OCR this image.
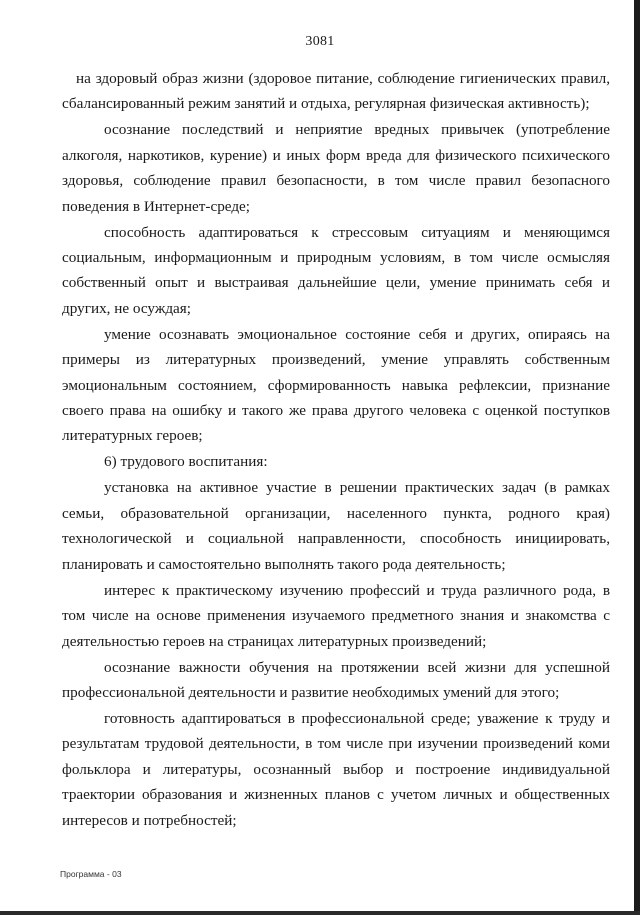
3081

на здоровый образ жизни (здоровое питание, соблюдение гигиенических правил, сбалансированный режим занятий и отдыха, регулярная физическая активность);

осознание последствий и неприятие вредных привычек (употребление алкоголя, наркотиков, курение) и иных форм вреда для физического психического здоровья, соблюдение правил безопасности, в том числе правил безопасного поведения в Интернет-среде;

способность адаптироваться к стрессовым ситуациям и меняющимся социальным, информационным и природным условиям, в том числе осмысляя собственный опыт и выстраивая дальнейшие цели, умение принимать себя и других, не осуждая;

умение осознавать эмоциональное состояние себя и других, опираясь на примеры из литературных произведений, умение управлять собственным эмоциональным состоянием, сформированность навыка рефлексии, признание своего права на ошибку и такого же права другого человека с оценкой поступков литературных героев;

6) трудового воспитания:

установка на активное участие в решении практических задач (в рамках семьи, образовательной организации, населенного пункта, родного края) технологической и социальной направленности, способность инициировать, планировать и самостоятельно выполнять такого рода деятельность;

интерес к практическому изучению профессий и труда различного рода, в том числе на основе применения изучаемого предметного знания и знакомства с деятельностью героев на страницах литературных произведений;

осознание важности обучения на протяжении всей жизни для успешной профессиональной деятельности и развитие необходимых умений для этого;

готовность адаптироваться в профессиональной среде; уважение к труду и результатам трудовой деятельности, в том числе при изучении произведений коми фольклора и литературы, осознанный выбор и построение индивидуальной траектории образования и жизненных планов с учетом личных и общественных интересов и потребностей;

Программа - 03
